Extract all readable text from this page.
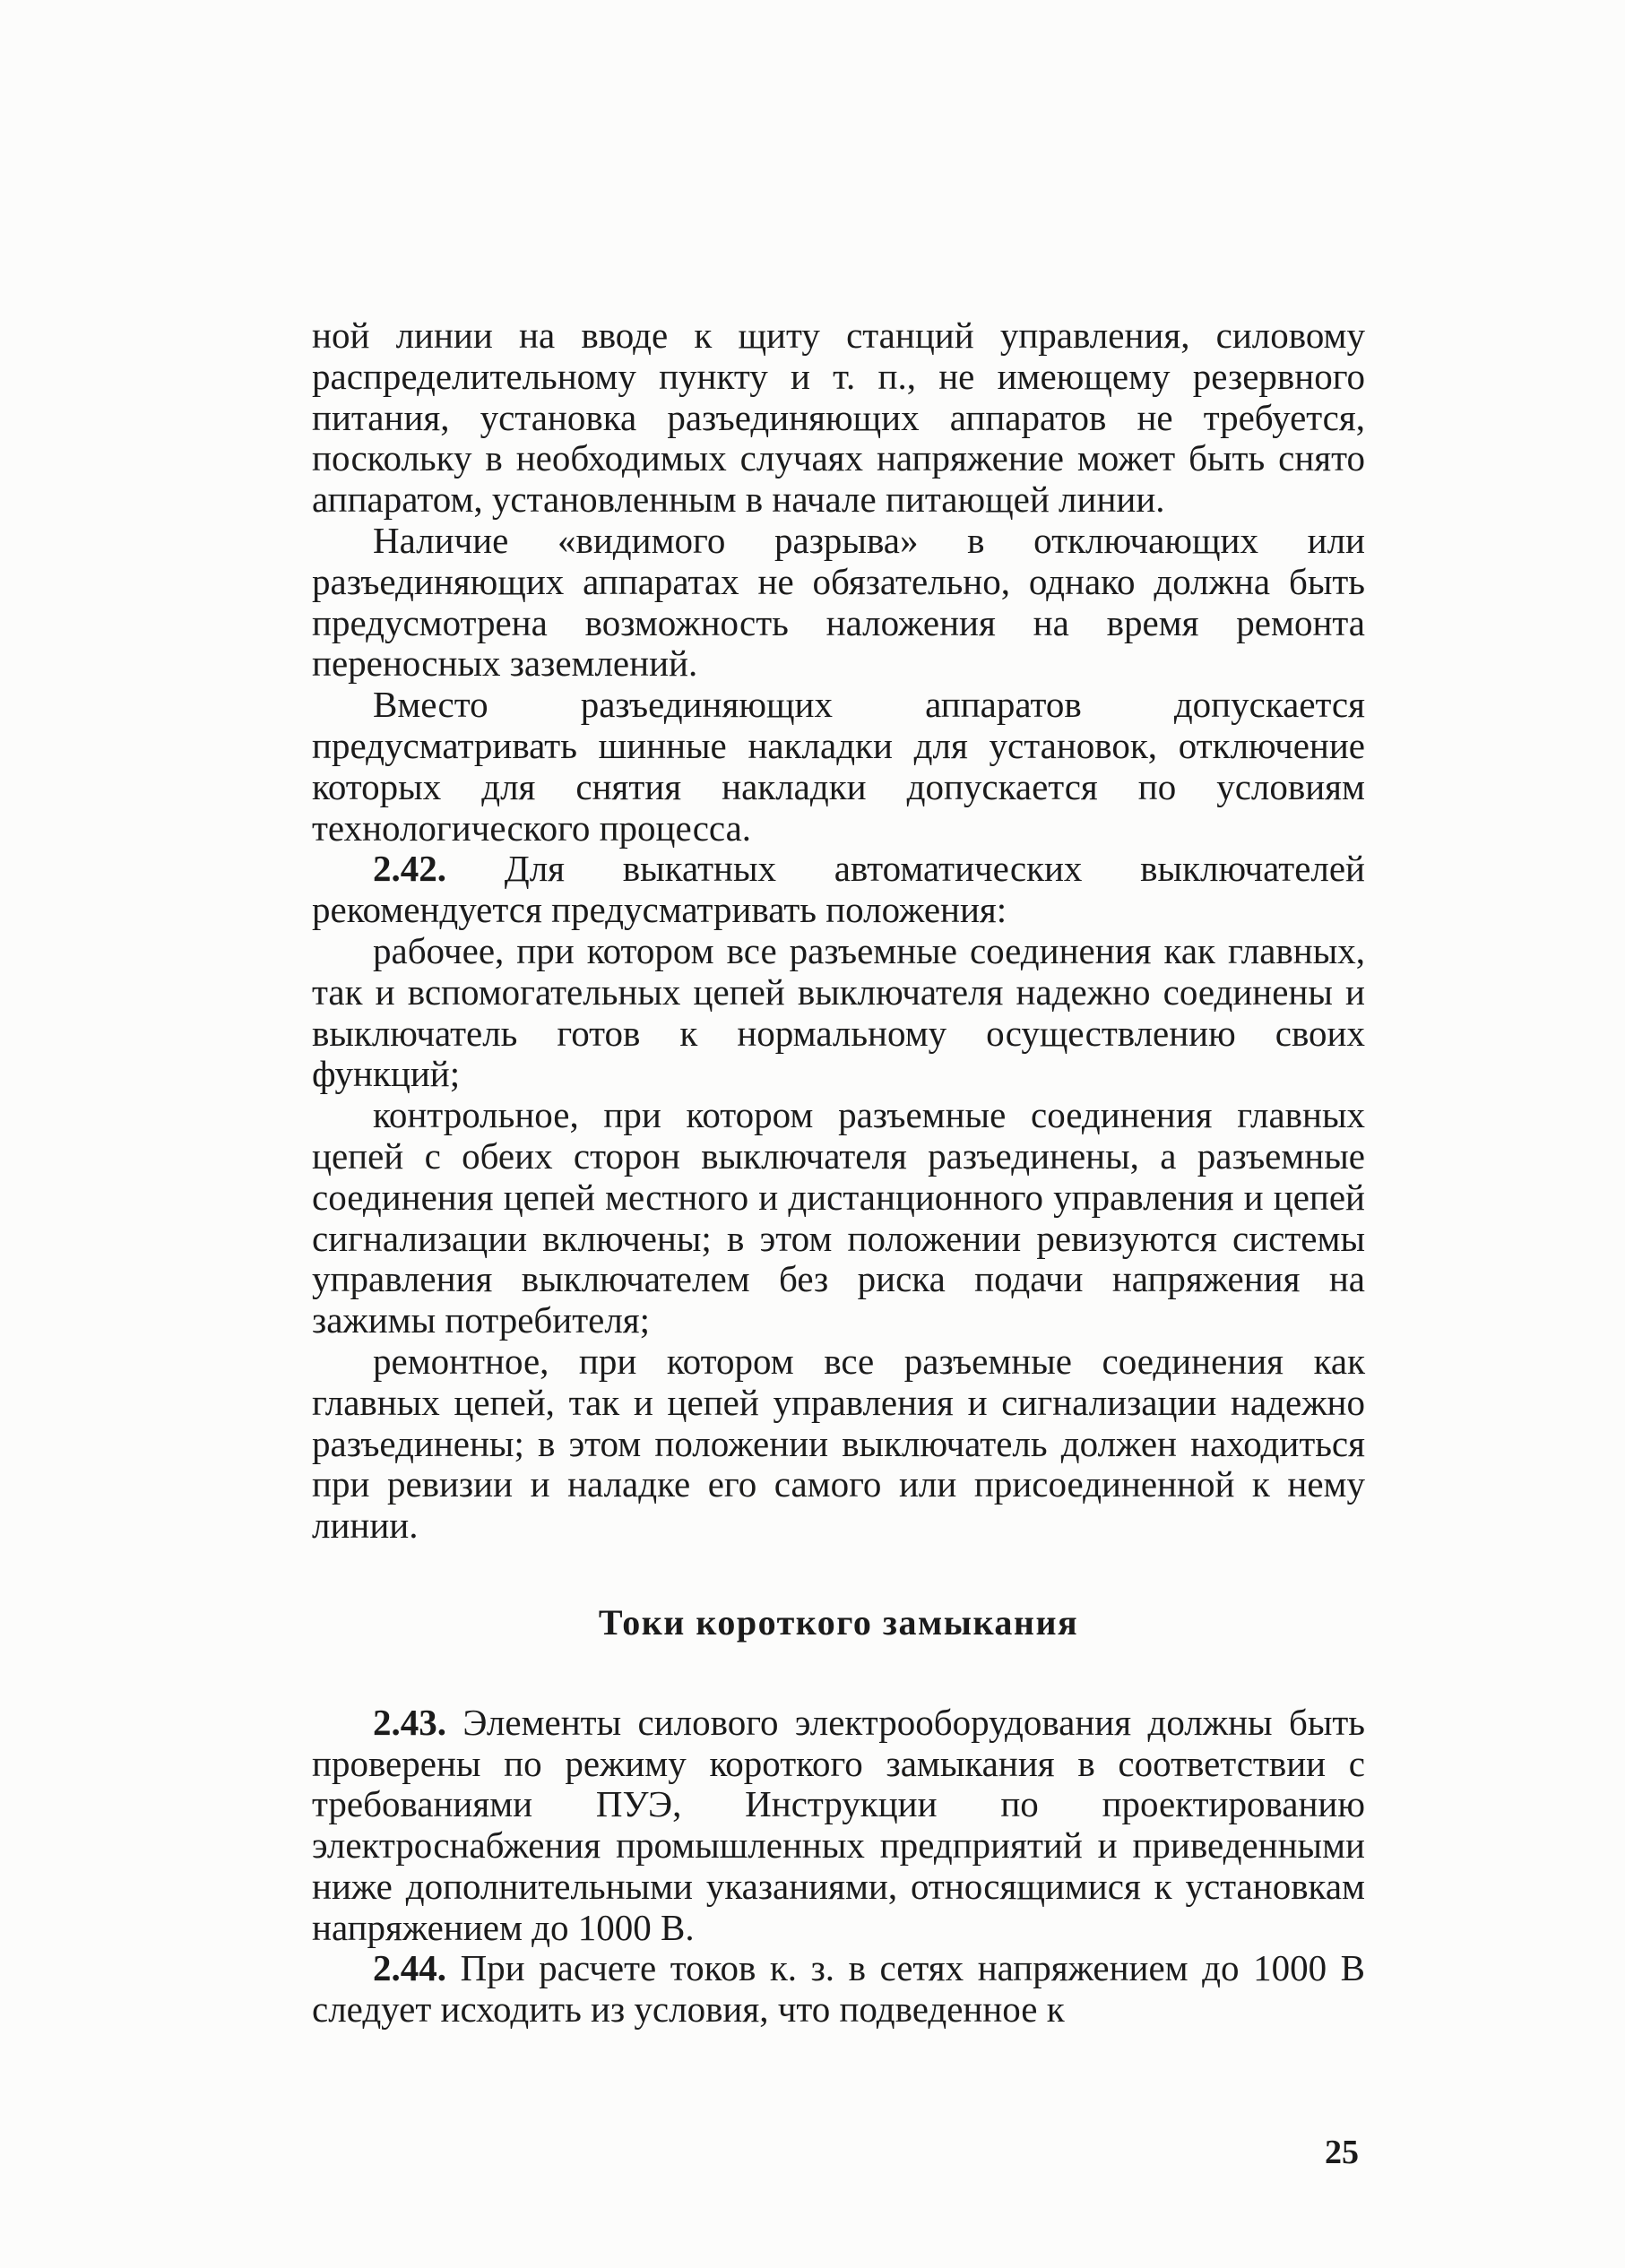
ной линии на вводе к щиту станций управления, силовому распределительному пункту и т. п., не имеющему резервного питания, установка разъединяющих аппаратов не требуется, поскольку в необходимых случаях напряжение может быть снято аппаратом, установленным в начале питающей линии.

Наличие «видимого разрыва» в отключающих или разъединяющих аппаратах не обязательно, однако должна быть предусмотрена возможность наложения на время ремонта переносных заземлений.

Вместо разъединяющих аппаратов допускается предусматривать шинные накладки для установок, отключение которых для снятия накладки допускается по условиям технологического процесса.

2.42. Для выкатных автоматических выключателей рекомендуется предусматривать положения:

рабочее, при котором все разъемные соединения как главных, так и вспомогательных цепей выключателя надежно соединены и выключатель готов к нормальному осуществлению своих функций;

контрольное, при котором разъемные соединения главных цепей с обеих сторон выключателя разъединены, а разъемные соединения цепей местного и дистанционного управления и цепей сигнализации включены; в этом положении ревизуются системы управления выключателем без риска подачи напряжения на зажимы потребителя;

ремонтное, при котором все разъемные соединения как главных цепей, так и цепей управления и сигнализации надежно разъединены; в этом положении выключатель должен находиться при ревизии и наладке его самого или присоединенной к нему линии.

Токи короткого замыкания

2.43. Элементы силового электрооборудования должны быть проверены по режиму короткого замыкания в соответствии с требованиями ПУЭ, Инструкции по проектированию электроснабжения промышленных предприятий и приведенными ниже дополнительными указаниями, относящимися к установкам напряжением до 1000 В.

2.44. При расчете токов к. з. в сетях напряжением до 1000 В следует исходить из условия, что подведенное к

25
